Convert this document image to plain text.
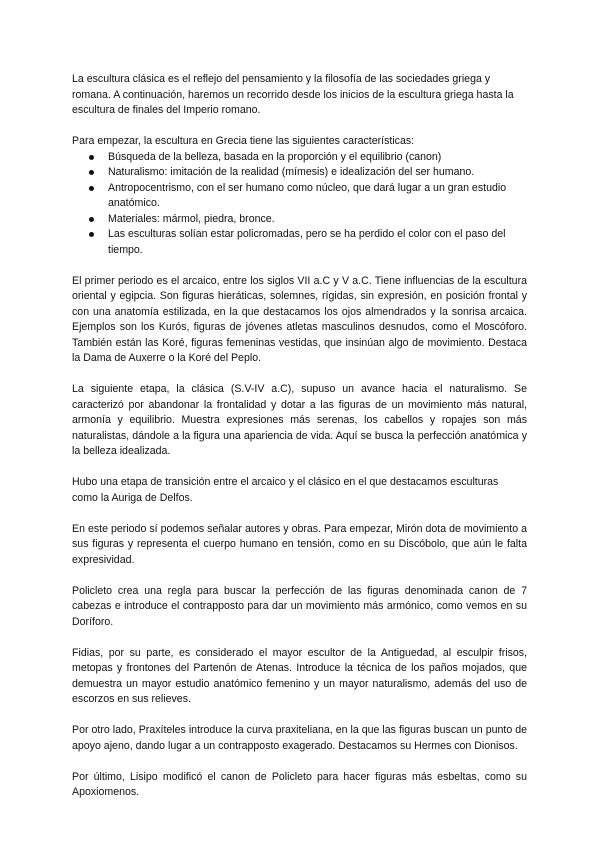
La escultura clásica es el reflejo del pensamiento y la filosofía de las sociedades griega y romana. A continuación, haremos un recorrido desde los inicios de la escultura griega hasta la escultura de finales del Imperio romano.

Para empezar, la escultura en Grecia tiene las siguientes características:

Búsqueda de la belleza, basada en la proporción y el equilibrio (canon)
Naturalismo: imitación de la realidad (mímesis) e idealización del ser humano.
Antropocentrismo, con el ser humano como núcleo, que dará lugar a un gran estudio anatómico.
Materiales: mármol, piedra, bronce.
Las esculturas solían estar policromadas, pero se ha perdido el color con el paso del tiempo.

El primer periodo es el arcaico, entre los siglos VII a.C y V a.C. Tiene influencias de la escultura oriental y egipcia. Son figuras hieráticas, solemnes, rígidas, sin expresión, en posición frontal y con una anatomía estilizada, en la que destacamos los ojos almendrados y la sonrisa arcaica. Ejemplos son los Kurós, figuras de jóvenes atletas masculinos desnudos, como el Moscóforo. También están las Koré, figuras femeninas vestidas, que insinúan algo de movimiento. Destaca la Dama de Auxerre o la Koré del Peplo.

La siguiente etapa, la clásica (S.V-IV a.C), supuso un avance hacia el naturalismo. Se caracterizó por abandonar la frontalidad y dotar a las figuras de un movimiento más natural, armonía y equilibrio. Muestra expresiones más serenas, los cabellos y ropajes son más naturalistas, dándole a la figura una apariencia de vida. Aquí se busca la perfección anatómica y la belleza idealizada.

Hubo una etapa de transición entre el arcaico y el clásico en el que destacamos esculturas como la Auriga de Delfos.

En este periodo sí podemos señalar autores y obras. Para empezar, Mirón dota de movimiento a sus figuras y representa el cuerpo humano en tensión, como en su Discóbolo, que aún le falta expresividad.

Policleto crea una regla para buscar la perfección de las figuras denominada canon de 7 cabezas e introduce el contrapposto para dar un movimiento más armónico, como vemos en su Doríforo.

Fidias, por su parte, es considerado el mayor escultor de la Antiguedad, al esculpir frisos, metopas y frontones del Partenón de Atenas. Introduce la técnica de los paños mojados, que demuestra un mayor estudio anatómico femenino y un mayor naturalismo, además del uso de escorzos en sus relieves.

Por otro lado, Praxíteles introduce la curva praxiteliana, en la que las figuras buscan un punto de apoyo ajeno, dando lugar a un contrapposto exagerado. Destacamos su Hermes con Dionisos.

Por último, Lisipo modificó el canon de Policleto para hacer figuras más esbeltas, como su Apoxiomenos.
